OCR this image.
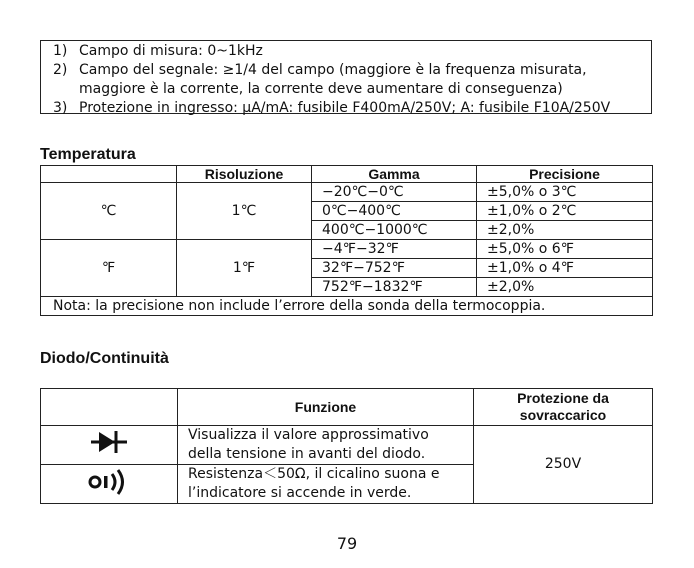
1) Campo di misura: 0~1kHz
2) Campo del segnale: ≥1/4 del campo (maggiore è la frequenza misurata,
maggiore è la corrente, la corrente deve aumentare di conseguenza)
3) Protezione in ingresso: µA/mA: fusibile F400mA/250V; A: fusibile F10A/250V
Temperatura
	Risoluzione	Gamma	Precisione
℃	1℃	−20℃−0℃	±5,0% o 3℃
		0℃−400℃	±1,0% o 2℃
		400℃−1000℃	±2,0%
℉	1℉	−4℉−32℉	±5,0% o 6℉
		32℉−752℉	±1,0% o 4℉
		752℉−1832℉	±2,0%
Nota: la precisione non include l’errore della sonda della termocoppia.			
Diodo/Continuità
	Funzione	Protezione da
sovraccarico

Visualizza il valore approssimativo
della tensione in avanti del diodo.	250V

Resistenza＜50Ω, il cicalino suona e
l’indicatore si accende in verde.	
79
